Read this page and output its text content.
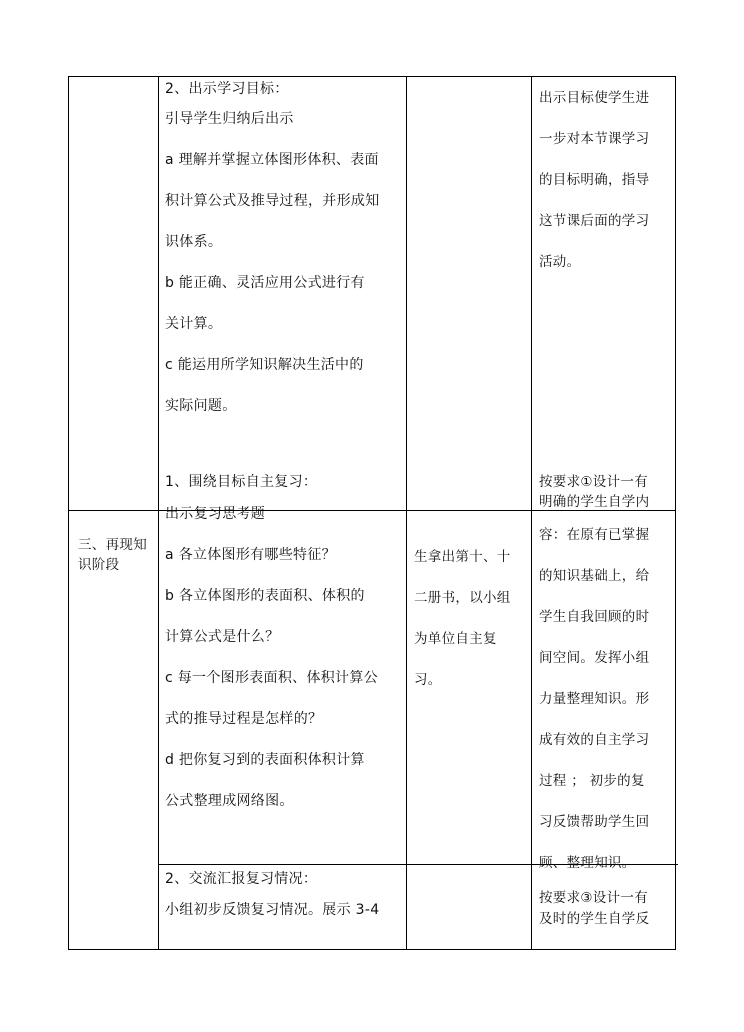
2、出示学习目标：
引导学生归纳后出示
a 理解并掌握立体图形体积、表面
积计算公式及推导过程，并形成知
识体系。
b 能正确、灵活应用公式进行有
关计算。
c 能运用所学知识解决生活中的
实际问题。
出示目标使学生进
一步对本节课学习
的目标明确，指导
这节课后面的学习
活动。
三、再现知
识阶段
1、围绕目标自主复习：
出示复习思考题
a 各立体图形有哪些特征？
b 各立体图形的表面积、体积的
计算公式是什么？
c 每一个图形表面积、体积计算公
式的推导过程是怎样的？
d 把你复习到的表面积体积计算
公式整理成网络图。
生拿出第十、十
二册书，以小组
为单位自主复
习。
按要求①设计一有
明确的学生自学内
容：在原有已掌握
的知识基础上，给
学生自我回顾的时
间空间。发挥小组
力量整理知识。形
成有效的自主学习
过程 ； 初步的复
习反馈帮助学生回
顾、整理知识。
2、交流汇报复习情况：
小组初步反馈复习情况。展示 3-4
按要求③设计一有
及时的学生自学反
